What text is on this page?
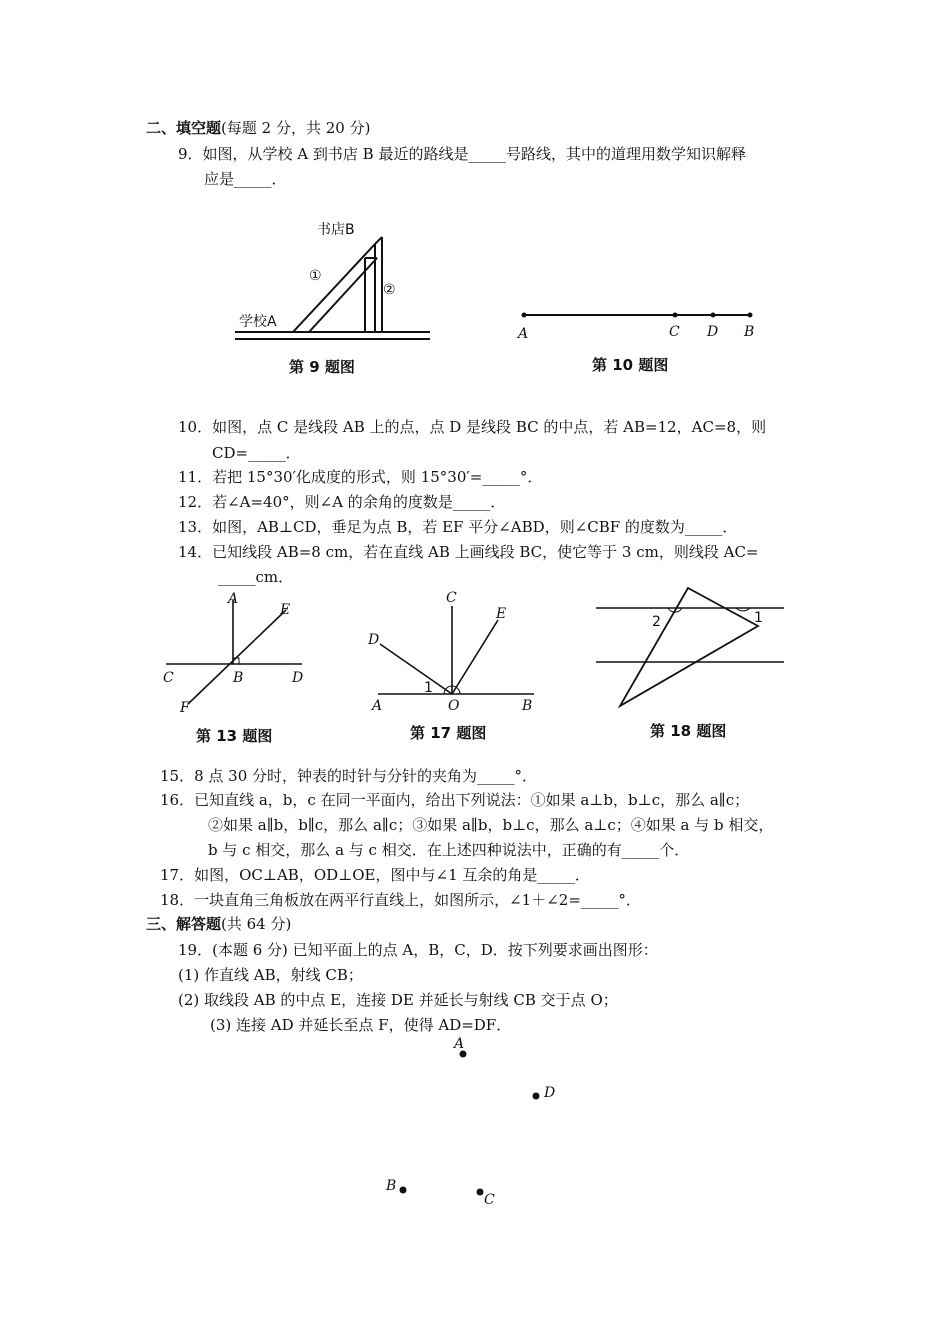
二、填空题(每题 2 分，共 20 分)
9．如图，从学校 A 到书店 B 最近的路线是_____号路线，其中的道理用数学知识解释
应是_____．
书店B
学校A
①
②
第 9 题图
A	C D B
第 10 题图
10．如图，点 C 是线段 AB 上的点，点 D 是线段 BC 的中点，若 AB=12，AC=8，则
CD=_____．
11．若把 15°30′化成度的形式，则 15°30′=_____°．
12．若∠A=40°，则∠A 的余角的度数是_____．
13．如图，AB⊥CD，垂足为点 B，若 EF 平分∠ABD，则∠CBF 的度数为_____．
14．已知线段 AB=8 cm，若在直线 AB 上画线段 BC，使它等于 3 cm，则线段 AC=
_____cm．
A
E
C	B	D
F
第 13 题图
C
E
D
1
A	O	B
第 17 题图
2	1
第 18 题图
15．8 点 30 分时，钟表的时针与分针的夹角为_____°．
16．已知直线 a，b，c 在同一平面内，给出下列说法：①如果 a⊥b，b⊥c，那么 a∥c；
②如果 a∥b，b∥c，那么 a∥c；③如果 a∥b，b⊥c，那么 a⊥c；④如果 a 与 b 相交，
b 与 c 相交，那么 a 与 c 相交．在上述四种说法中，正确的有_____个．
17．如图，OC⊥AB，OD⊥OE，图中与∠1 互余的角是_____．
18．一块直角三角板放在两平行直线上，如图所示，∠1＋∠2=_____°．
三、解答题(共 64 分)
19．(本题 6 分) 已知平面上的点 A，B，C，D．按下列要求画出图形：
(1) 作直线 AB，射线 CB；
(2) 取线段 AB 的中点 E，连接 DE 并延长与射线 CB 交于点 O；
(3) 连接 AD 并延长至点 F，使得 AD=DF．
A
D
B
C
